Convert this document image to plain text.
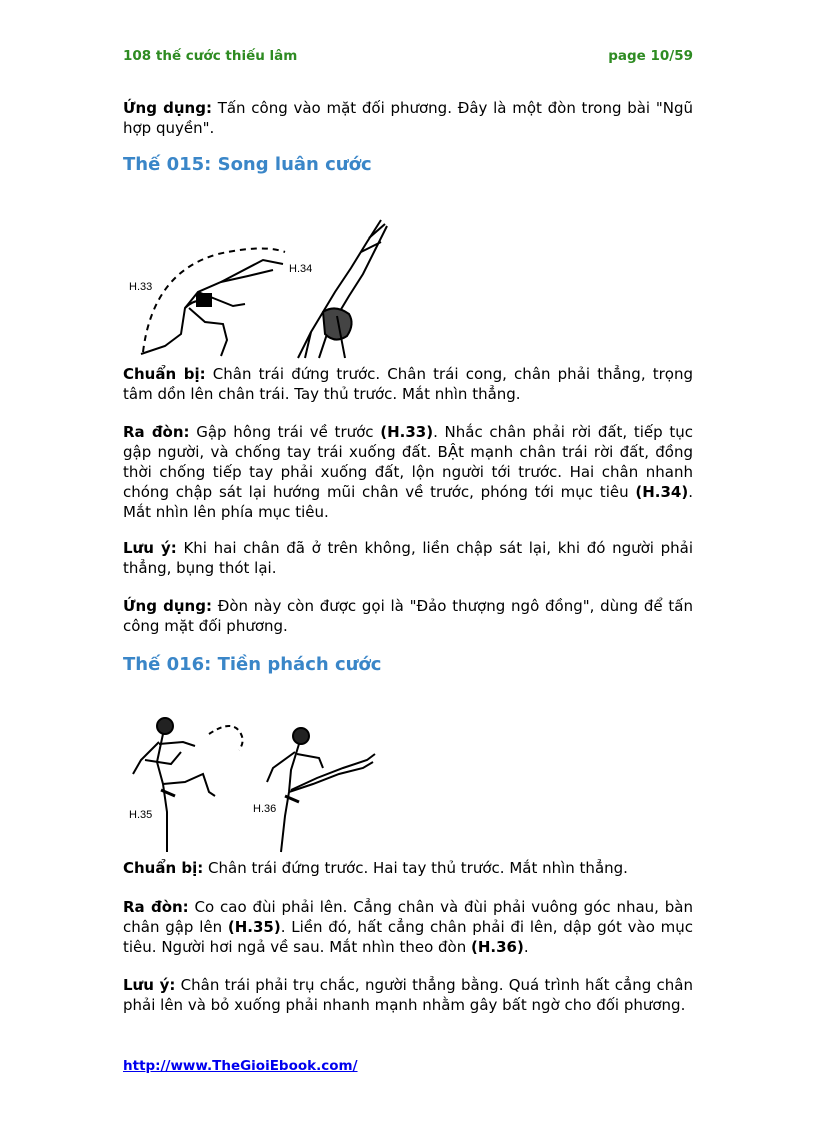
108 thế cước thiếu lâm	page 10/59
Ứng dụng: Tấn công vào mặt đối phương. Đây là một đòn trong bài "Ngũ hợp quyền".
Thế 015: Song luân cước
H.33
H.34
Chuẩn bị: Chân trái đứng trước. Chân trái cong, chân phải thẳng, trọng tâm dồn lên chân trái. Tay thủ trước. Mắt nhìn thẳng.
Ra đòn: Gập hông trái về trước (H.33). Nhắc chân phải rời đất, tiếp tục gập người, và chống tay trái xuống đất. BẬt mạnh chân trái rời đất, đồng thời chống tiếp tay phải xuống đất, lộn người tới trước. Hai chân nhanh chóng chập sát lại hướng mũi chân về trước, phóng tới mục tiêu (H.34). Mắt nhìn lên phía mục tiêu.
Lưu ý: Khi hai chân đã ở trên không, liền chập sát lại, khi đó người phải thẳng, bụng thót lại.
Ứng dụng: Đòn này còn được gọi là "Đảo thượng ngô đồng", dùng để tấn công mặt đối phương.
Thế 016: Tiền phách cước
H.35	H.36
Chuẩn bị: Chân trái đứng trước. Hai tay thủ trước. Mắt nhìn thẳng.
Ra đòn: Co cao đùi phải lên. Cẳng chân và đùi phải vuông góc nhau, bàn chân gập lên (H.35). Liền đó, hất cẳng chân phải đi lên, dập gót vào mục tiêu. Người hơi ngả về sau. Mắt nhìn theo đòn (H.36).
Lưu ý: Chân trái phải trụ chắc, người thẳng bằng. Quá trình hất cẳng chân phải lên và bỏ xuống phải nhanh mạnh nhằm gây bất ngờ cho đối phương.
http://www.TheGioiEbook.com/
